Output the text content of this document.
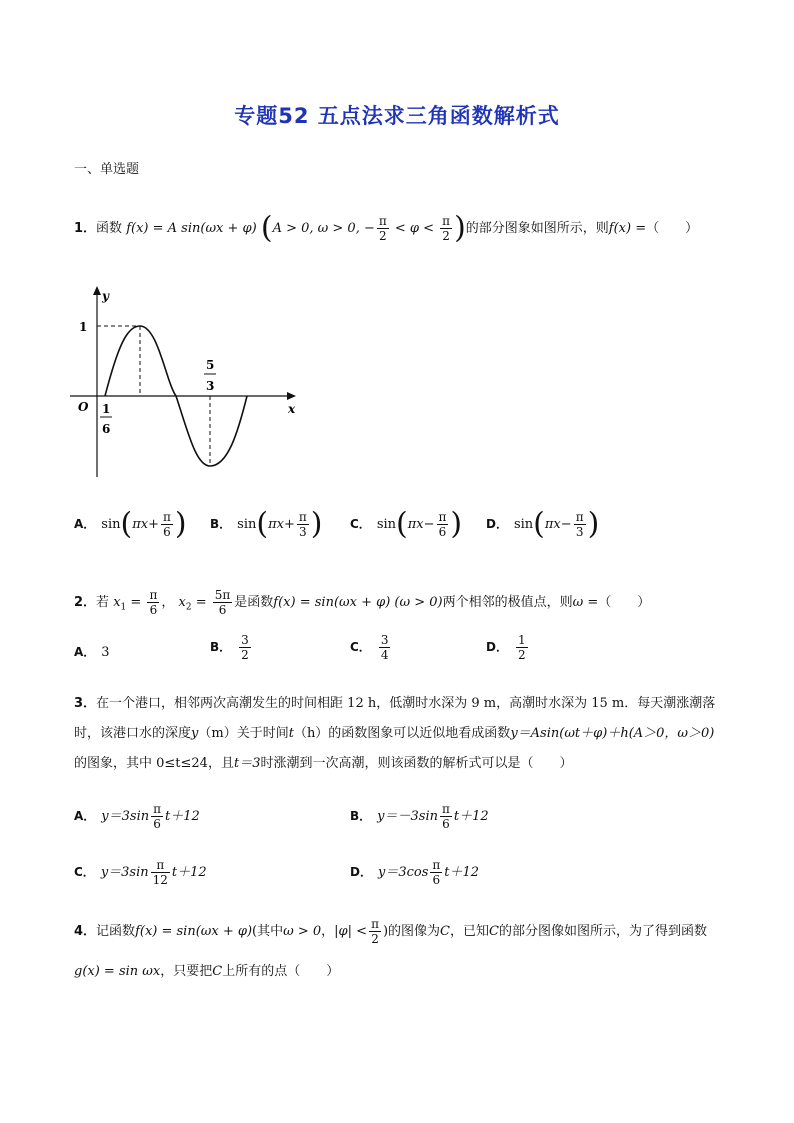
专题52 五点法求三角函数解析式
一、单选题
1．函数 f(x) = A sin(ωx + φ) (A > 0, ω > 0, − $\frac{\pi}{2} < \varphi < \frac{\pi}{2}$ )的部分图象如图所示，则f(x) =（　　）
y
x
O
1
1
6
5
3
A． $\sin(\pi x+ \frac{\pi}{6}$ ) B． $\sin(\pi x+ \frac{\pi}{3}$ ) C． $\sin(\pi x- \frac{\pi}{6}$ ) D． $\sin(\pi x- \frac{\pi}{3}$ )
2．若 $x_1 = \frac{\pi}{6}$ ， $x_2 = \frac{5\pi}{6}$ 是函数f(x) = sin(ωx + φ) (ω > 0)两个相邻的极值点，则ω =（　　）
A． 3	B． $\frac{3}{2}$	C． $\frac{3}{4}$	D． $\frac{1}{2}$
3．在一个港口，相邻两次高潮发生的时间相距 12 h，低潮时水深为 9 m，高潮时水深为 15 m．每天潮涨潮落时，该港口水的深度y（m）关于时间t（h）的函数图象可以近似地看成函数y＝Asin(ωt＋φ)＋h(A＞0，ω＞0)的图象，其中 0≤t≤24，且t＝3时涨潮到一次高潮，则该函数的解析式可以是（　　）
A． $y=3\sin \frac{\pi}{6} t+12$	B． $y=-3\sin \frac{\pi}{6} t+12$
C． $y=3\sin \frac{\pi}{12} t+12$	D． $y=3\cos \frac{\pi}{6} t+12$
4．记函数f(x) = sin(ωx + φ)(其中ω > 0，$|\varphi| < \frac{\pi}{2}$ )的图像为C，已知C的部分图像如图所示，为了得到函数g(x) = sin ωx，只要把C上所有的点（　　）
